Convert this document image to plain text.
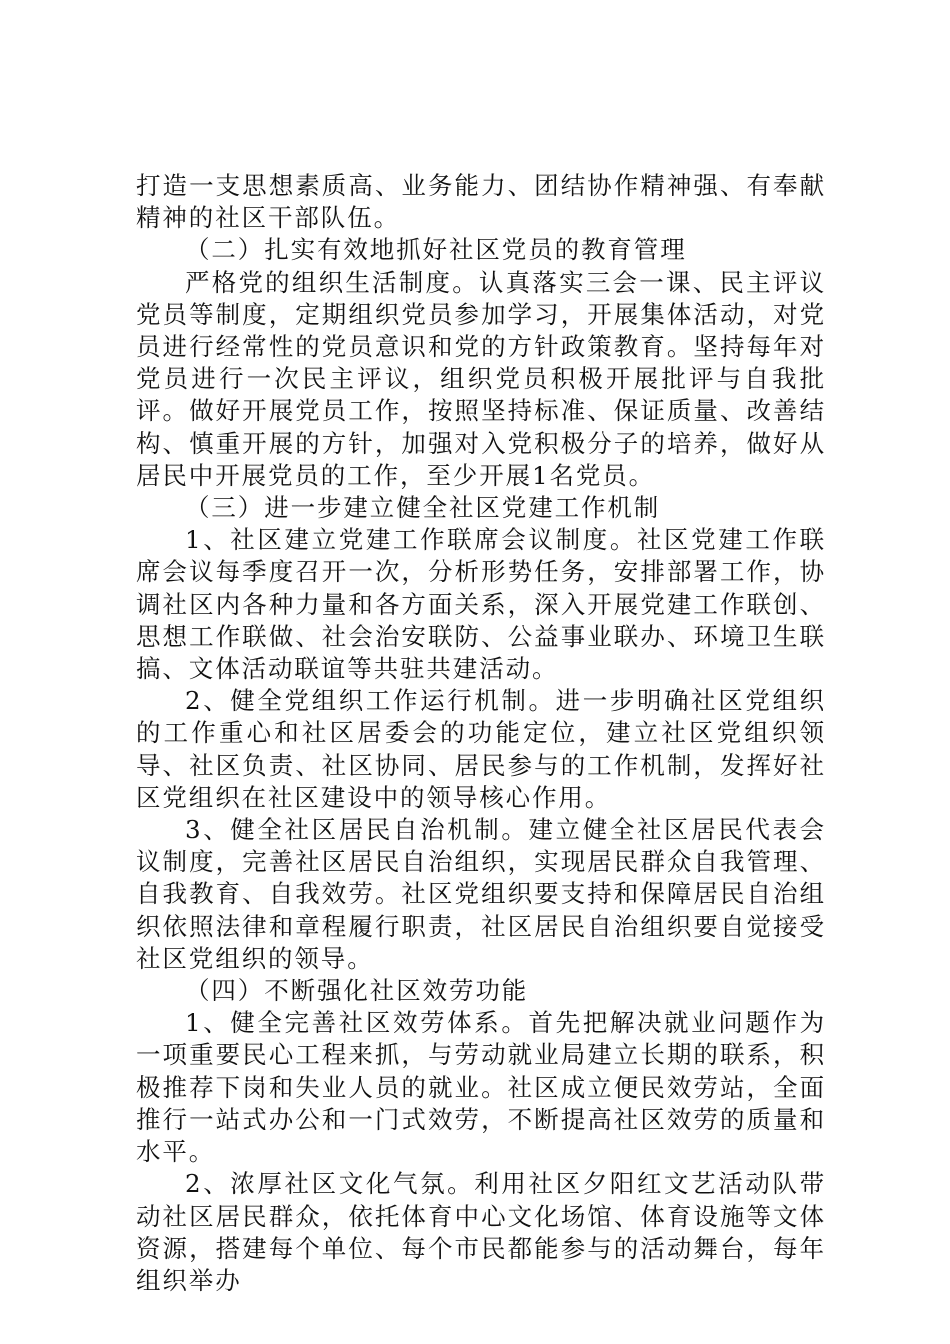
打造一支思想素质高、业务能力、团结协作精神强、有奉献精神的社区干部队伍。

（二）扎实有效地抓好社区党员的教育管理

严格党的组织生活制度。认真落实三会一课、民主评议党员等制度，定期组织党员参加学习，开展集体活动，对党员进行经常性的党员意识和党的方针政策教育。坚持每年对党员进行一次民主评议，组织党员积极开展批评与自我批评。做好开展党员工作，按照坚持标准、保证质量、改善结构、慎重开展的方针，加强对入党积极分子的培养，做好从居民中开展党员的工作，至少开展1名党员。

（三）进一步建立健全社区党建工作机制

1、社区建立党建工作联席会议制度。社区党建工作联席会议每季度召开一次，分析形势任务，安排部署工作，协调社区内各种力量和各方面关系，深入开展党建工作联创、思想工作联做、社会治安联防、公益事业联办、环境卫生联搞、文体活动联谊等共驻共建活动。

2、健全党组织工作运行机制。进一步明确社区党组织的工作重心和社区居委会的功能定位，建立社区党组织领导、社区负责、社区协同、居民参与的工作机制，发挥好社区党组织在社区建设中的领导核心作用。

3、健全社区居民自治机制。建立健全社区居民代表会议制度，完善社区居民自治组织，实现居民群众自我管理、自我教育、自我效劳。社区党组织要支持和保障居民自治组织依照法律和章程履行职责，社区居民自治组织要自觉接受社区党组织的领导。

（四）不断强化社区效劳功能

1、健全完善社区效劳体系。首先把解决就业问题作为一项重要民心工程来抓，与劳动就业局建立长期的联系，积极推荐下岗和失业人员的就业。社区成立便民效劳站，全面推行一站式办公和一门式效劳，不断提高社区效劳的质量和水平。

2、浓厚社区文化气氛。利用社区夕阳红文艺活动队带动社区居民群众，依托体育中心文化场馆、体育设施等文体资源，搭建每个单位、每个市民都能参与的活动舞台，每年组织举办
